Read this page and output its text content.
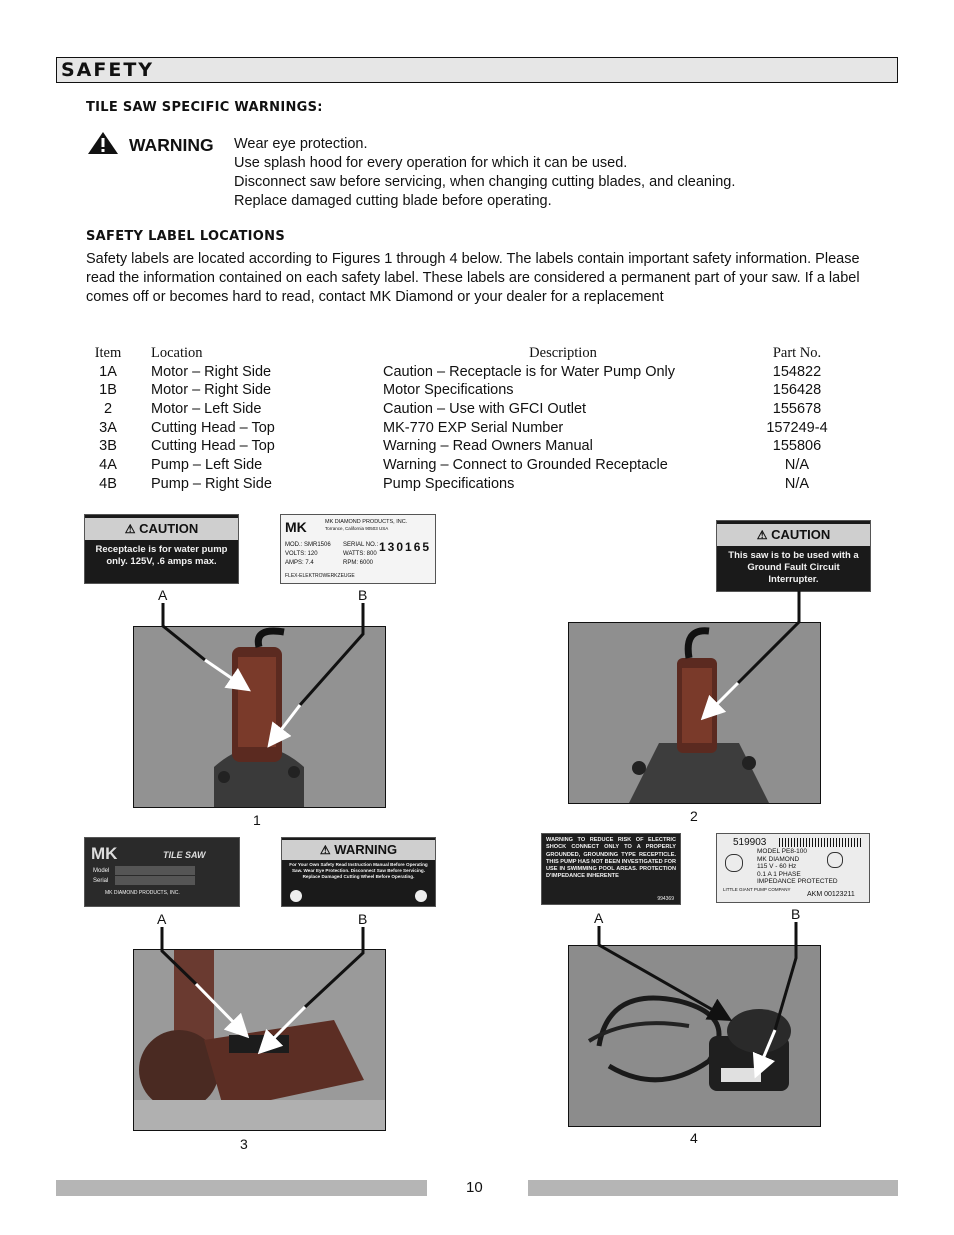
SAFETY
TILE SAW SPECIFIC WARNINGS:
WARNING Wear eye protection.
Use splash hood for every operation for which it can be used.
Disconnect saw before servicing, when changing cutting blades, and cleaning.
Replace damaged cutting blade before operating.
SAFETY LABEL LOCATIONS
Safety labels are located according to Figures 1 through 4 below. The labels contain important safety information. Please read the information contained on each safety label. These labels are considered a permanent part of your saw. If a label comes off or becomes hard to read, contact MK Diamond or your dealer for a replacement
Item	Location	Description	Part No.
1A	Motor – Right Side	Caution – Receptacle is for Water Pump Only	154822
1B	Motor – Right Side	Motor Specifications	156428
2	Motor – Left Side	Caution – Use with GFCI Outlet	155678
3A	Cutting Head – Top	MK-770 EXP Serial Number	157249-4
3B	Cutting Head – Top	Warning – Read Owners Manual	155806
4A	Pump – Left Side	Warning – Connect to Grounded Receptacle	N/A
4B	Pump – Right Side	Pump Specifications	N/A
⚠ CAUTION
Receptacle is for water pump only. 125V, .6 amps max.
MK	MK DIAMOND PRODUCTS, INC.
Torrance, California 90503 USA
MOD.: SMR1506 SERIAL NO.: 130165
VOLTS: 120	WATTS: 800
AMPS: 7.4	RPM: 6000
FLEX-ELEKTROWERKZEUGE
A	B
1
⚠ CAUTION
This saw is to be used with a Ground Fault Circuit Interrupter.
2
MK	TILE SAW
Model
Serial
MK DIAMOND PRODUCTS, INC.
⚠ WARNING
For Your Own Safety Read Instruction Manual Before Operating Saw. Wear Eye Protection. Disconnect Saw Before Servicing. Replace Damaged Cutting Wheel Before Operating.
A	B
3
WARNING TO REDUCE RISK OF ELECTRIC SHOCK CONNECT ONLY TO A PROPERLY GROUNDED, GROUNDING TYPE RECEPTICLE. THIS PUMP HAS NOT BEEN INVESTIGATED FOR USE IN SWIMMING POOL AREAS. PROTECTION D'IMPEDANCE INHERENTE
994369
519903
MODEL PE8-100
MK DIAMOND
115 V - 60 Hz
0.1 A 1 PHASE
IMPEDANCE PROTECTED
LITTLE GIANT PUMP COMPANY
AKM 00123211
A	B
4
10
